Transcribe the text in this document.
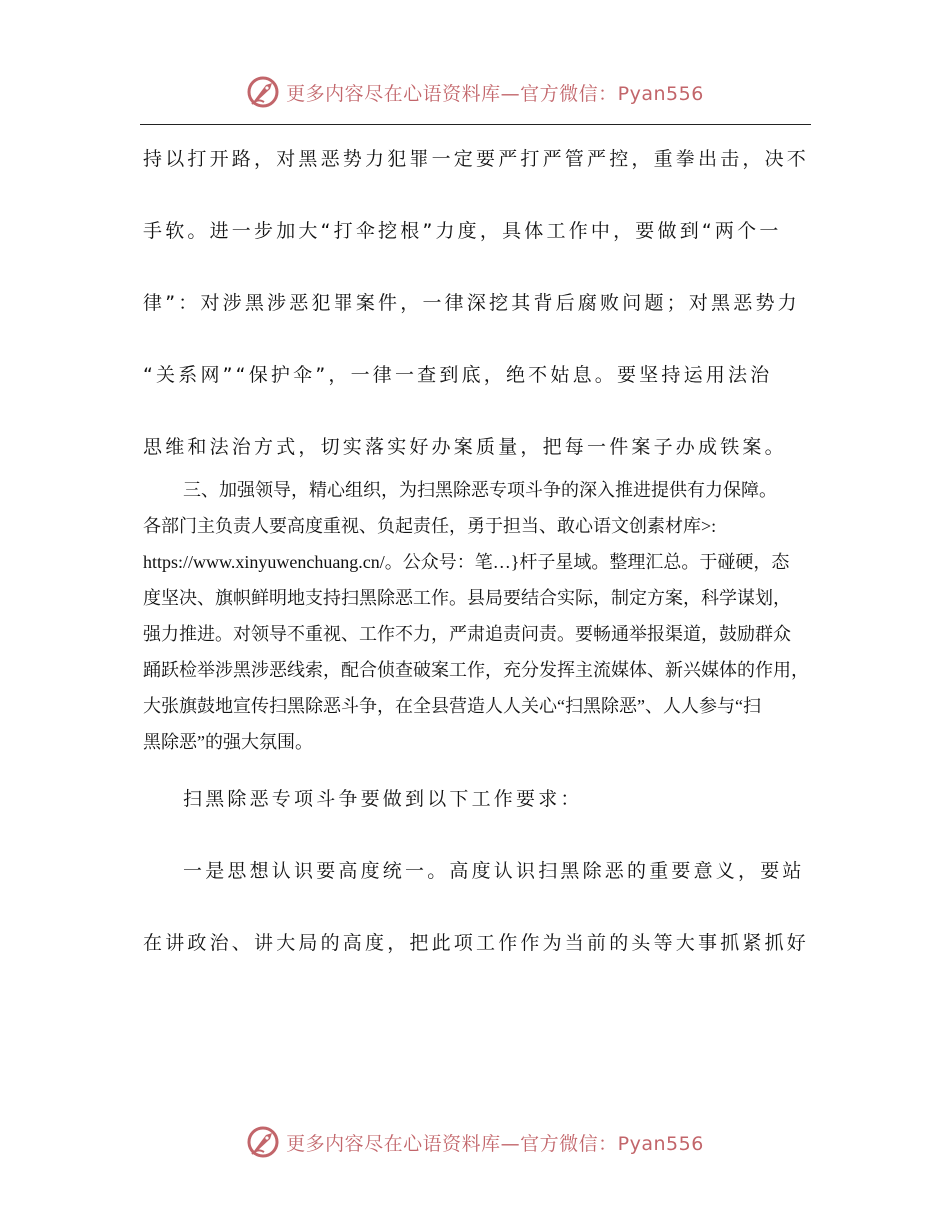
更多内容尽在心语资料库—官方微信：Pyan556
持以打开路，对黑恶势力犯罪一定要严打严管严控，重拳出击，决不
手软。进一步加大“打伞挖根”力度，具体工作中，要做到“两个一
律”：对涉黑涉恶犯罪案件，一律深挖其背后腐败问题；对黑恶势力
“关系网”“保护伞”，一律一查到底，绝不姑息。要坚持运用法治
思维和法治方式，切实落实好办案质量，把每一件案子办成铁案。
三、加强领导，精心组织，为扫黑除恶专项斗争的深入推进提供有力保障。
各部门主负责人要高度重视、负起责任，勇于担当、敢心语文创素材库>:
https://www.xinyuwenchuang.cn/。公众号：笔…}杆子星域。整理汇总。于碰硬，态
度坚决、旗帜鲜明地支持扫黑除恶工作。县局要结合实际，制定方案，科学谋划，
强力推进。对领导不重视、工作不力，严肃追责问责。要畅通举报渠道，鼓励群众
踊跃检举涉黑涉恶线索，配合侦查破案工作，充分发挥主流媒体、新兴媒体的作用，
大张旗鼓地宣传扫黑除恶斗争，在全县营造人人关心“扫黑除恶”、人人参与“扫
黑除恶”的强大氛围。
扫黑除恶专项斗争要做到以下工作要求：
一是思想认识要高度统一。高度认识扫黑除恶的重要意义，要站
在讲政治、讲大局的高度，把此项工作作为当前的头等大事抓紧抓好
更多内容尽在心语资料库—官方微信：Pyan556
